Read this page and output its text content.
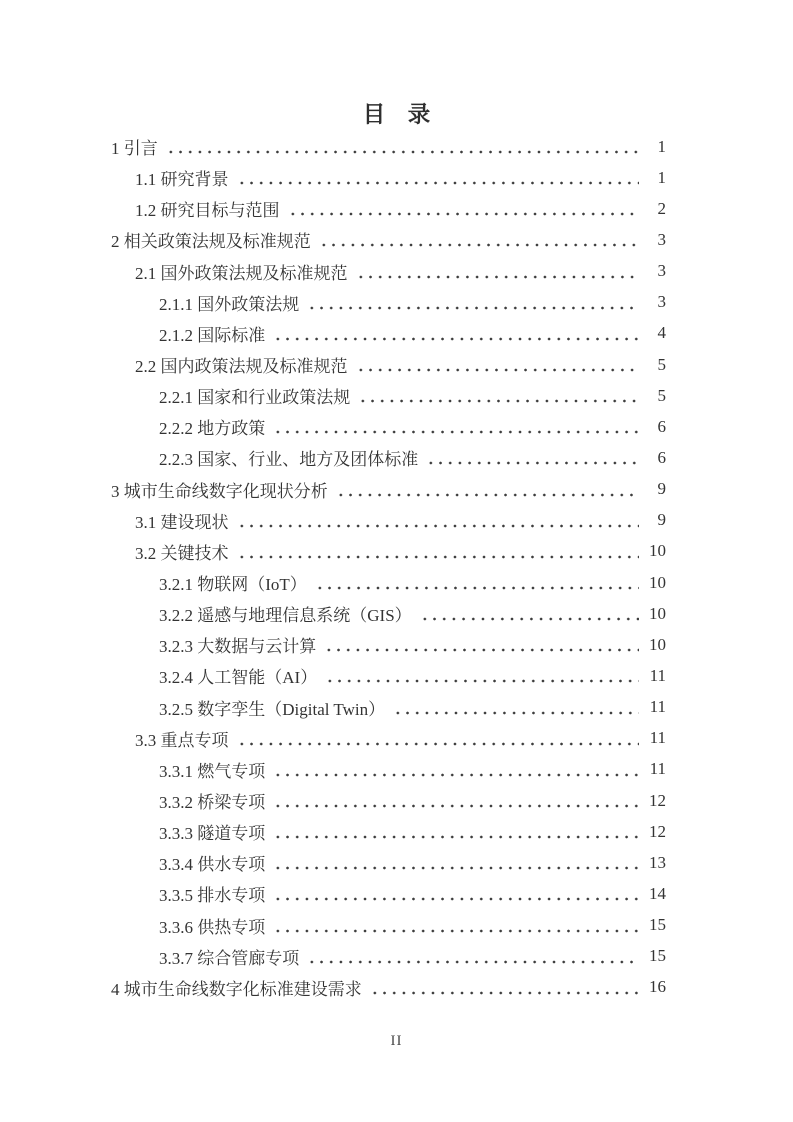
目　录
1 引言	1
1.1 研究背景	1
1.2 研究目标与范围	2
2 相关政策法规及标准规范	3
2.1 国外政策法规及标准规范	3
2.1.1 国外政策法规	3
2.1.2 国际标准	4
2.2 国内政策法规及标准规范	5
2.2.1 国家和行业政策法规	5
2.2.2 地方政策	6
2.2.3 国家、行业、地方及团体标准	6
3 城市生命线数字化现状分析	9
3.1 建设现状	9
3.2 关键技术	10
3.2.1 物联网（IoT）	10
3.2.2 遥感与地理信息系统（GIS）	10
3.2.3 大数据与云计算	10
3.2.4 人工智能（AI）	11
3.2.5 数字孪生（Digital Twin）	11
3.3 重点专项	11
3.3.1 燃气专项	11
3.3.2 桥梁专项	12
3.3.3 隧道专项	12
3.3.4 供水专项	13
3.3.5 排水专项	14
3.3.6 供热专项	15
3.3.7 综合管廊专项	15
4 城市生命线数字化标准建设需求	16
II
